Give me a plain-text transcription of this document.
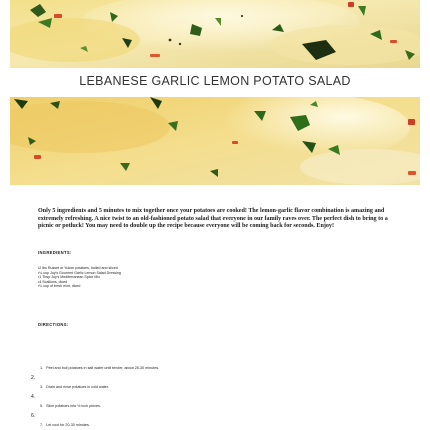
LEBANESE GARLIC LEMON POTATO SALAD
Only 5 ingredients and 5 minutes to mix together once your potatoes are cooked! The lemon-garlic flavor combination is amazing and extremely refreshing. A nice twist to an old-fashioned potato salad that everyone in our family raves over. The perfect dish to bring to a picnic or potluck! You may need to double up the recipe because everyone will be coming back for seconds. Enjoy!
INGREDIENTS:
• 2 lbs Russet or Yukon potatoes, boiled and sliced
• ¼ cup Joy's Gourmet Garlic Lemon Salad Dressing
• 1 Tbsp Joy's Mediterranean Spice Mix
• 4 Scallions, diced
• ¼ cup of fresh mint, diced
DIRECTIONS:
1. Peel and boil potatoes in salt water until tender, about 25-30 minutes.
2.
3. Drain and rinse potatoes in cold water.
4.
5. Slice potatoes into ½ inch pieces.
6.
7. Let cool for 20-30 minutes.
